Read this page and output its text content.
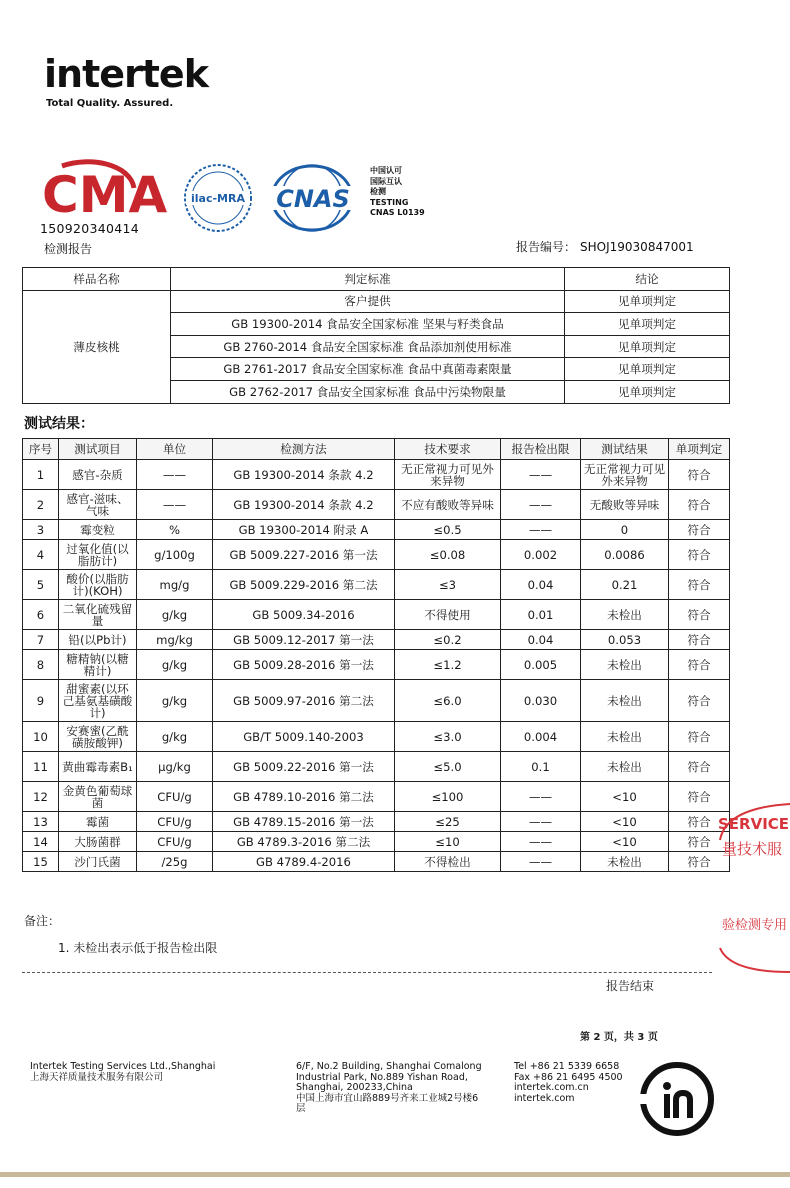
intertek
Total Quality. Assured.
CMA
150920340414
检测报告
ilac-MRA CNAS
中国认可
国际互认
检测
TESTING
CNAS L0139
报告编号： SHOJ19030847001
样品名称	判定标准	结论
薄皮核桃	客户提供	见单项判定
	GB 19300-2014 食品安全国家标准 坚果与籽类食品	见单项判定
	GB 2760-2014 食品安全国家标准 食品添加剂使用标准	见单项判定
	GB 2761-2017 食品安全国家标准 食品中真菌毒素限量	见单项判定
	GB 2762-2017 食品安全国家标准 食品中污染物限量	见单项判定
测试结果：
序号	测试项目	单位	检测方法	技术要求	报告检出限	测试结果	单项判定
1	感官-杂质	——	GB 19300-2014 条款 4.2	无正常视力可见外来异物	——	无正常视力可见外来异物	符合
2	感官-滋味、气味	——	GB 19300-2014 条款 4.2	不应有酸败等异味	——	无酸败等异味	符合
3	霉变粒	%	GB 19300-2014 附录 A	≤0.5	——	0	符合
4	过氧化值(以脂肪计)	g/100g	GB 5009.227-2016 第一法	≤0.08	0.002	0.0086	符合
5	酸价(以脂肪计)(KOH)	mg/g	GB 5009.229-2016 第二法	≤3	0.04	0.21	符合
6	二氧化硫残留量	g/kg	GB 5009.34-2016	不得使用	0.01	未检出	符合
7	铅(以Pb计)	mg/kg	GB 5009.12-2017 第一法	≤0.2	0.04	0.053	符合
8	糖精钠(以糖精计)	g/kg	GB 5009.28-2016 第一法	≤1.2	0.005	未检出	符合
9	甜蜜素(以环己基氨基磺酸计)	g/kg	GB 5009.97-2016 第二法	≤6.0	0.030	未检出	符合
10	安赛蜜(乙酰磺胺酸钾)	g/kg	GB/T 5009.140-2003	≤3.0	0.004	未检出	符合
11	黄曲霉毒素B₁	μg/kg	GB 5009.22-2016 第一法	≤5.0	0.1	未检出	符合
12	金黄色葡萄球菌	CFU/g	GB 4789.10-2016 第二法	≤100	——	<10	符合
13	霉菌	CFU/g	GB 4789.15-2016 第一法	≤25	——	<10	符合
14	大肠菌群	CFU/g	GB 4789.3-2016 第二法	≤10	——	<10	符合
15	沙门氏菌	/25g	GB 4789.4-2016	不得检出	——	未检出	符合
备注：
1. 未检出表示低于报告检出限
报告结束
第 2 页，共 3 页
Intertek Testing Services Ltd.,Shanghai
上海天祥质量技术服务有限公司
6/F, No.2 Building, Shanghai Comalong
Industrial Park, No.889 Yishan Road,
Shanghai, 200233,China
中国上海市宜山路889号齐来工业城2号楼6
层
Tel +86 21 5339 6658
Fax +86 21 6495 4500
intertek.com.cn
intertek.com
SERVICE
量技术服
验检测专用
